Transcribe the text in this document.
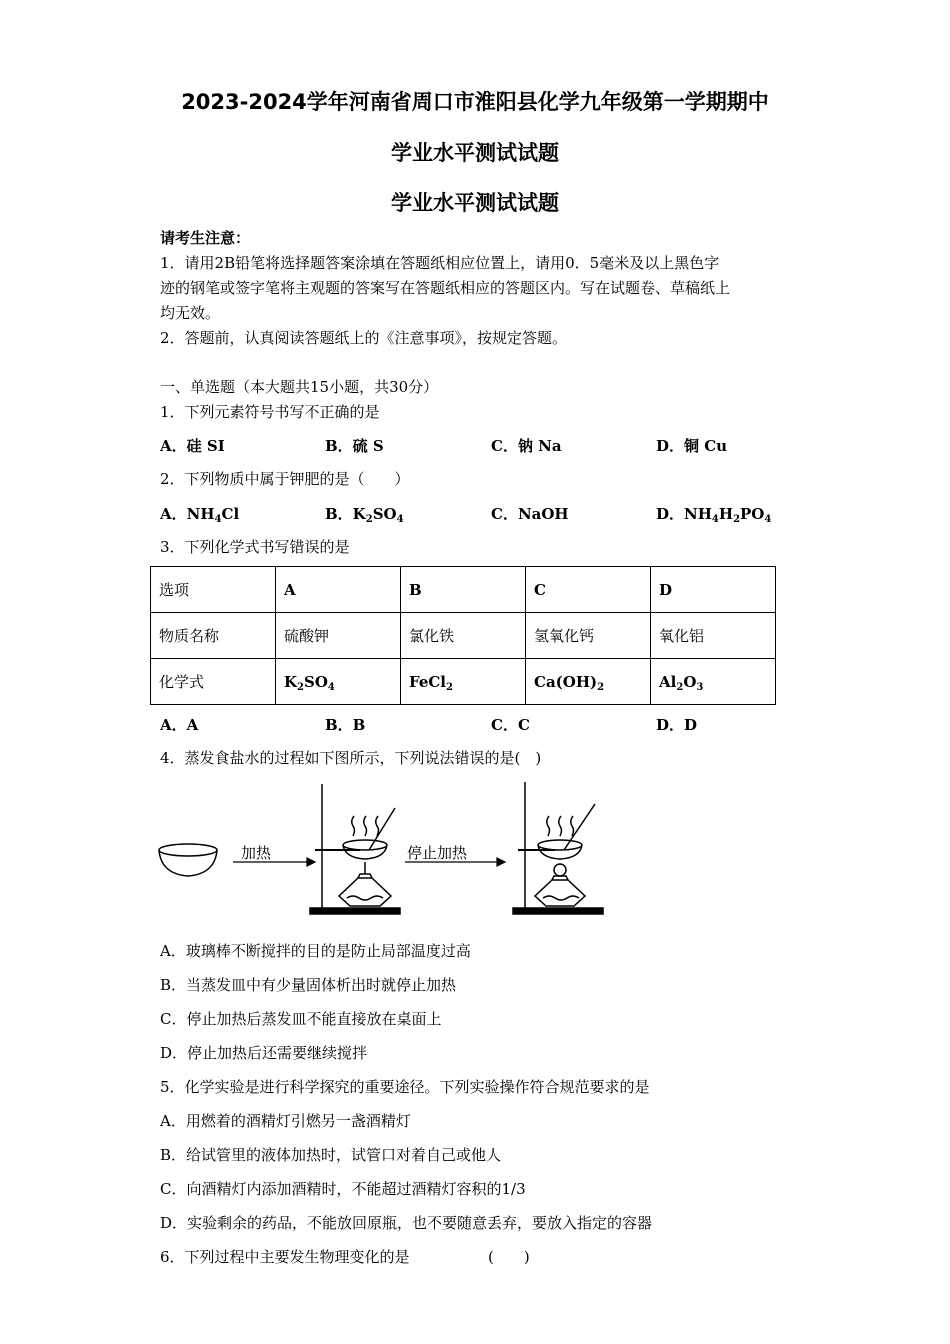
2023-2024学年河南省周口市淮阳县化学九年级第一学期期中
学业水平测试试题
学业水平测试试题
请考生注意：
1．请用2B铅笔将选择题答案涂填在答题纸相应位置上，请用0．5毫米及以上黑色字
迹的钢笔或签字笔将主观题的答案写在答题纸相应的答题区内。写在试题卷、草稿纸上
均无效。
2．答题前，认真阅读答题纸上的《注意事项》，按规定答题。
一、单选题（本大题共15小题，共30分）
1．下列元素符号书写不正确的是
A．硅 SI	B．硫 S	C．钠 Na	D．铜 Cu
2．下列物质中属于钾肥的是（　　）
A．$NH_4Cl$	B．$K_2SO_4$	C．NaOH	D．$NH_4H_2PO_4$
3．下列化学式书写错误的是
选项	A	B	C	D
物质名称	硫酸钾	氯化铁	氢氧化钙	氧化铝
化学式	$K_2SO_4$	FeCl$_2$	$Ca(OH)_2$	$Al_2O_3$
A．A	B．B	C．C	D．D
4．蒸发食盐水的过程如下图所示，下列说法错误的是(　)
加热	停止加热
A．玻璃棒不断搅拌的目的是防止局部温度过高
B．当蒸发皿中有少量固体析出时就停止加热
C．停止加热后蒸发皿不能直接放在桌面上
D．停止加热后还需要继续搅拌
5．化学实验是进行科学探究的重要途径。下列实验操作符合规范要求的是
A．用燃着的酒精灯引燃另一盏酒精灯
B．给试管里的液体加热时，试管口对着自己或他人
C．向酒精灯内添加酒精时，不能超过酒精灯容积的1/3
D．实验剩余的药品，不能放回原瓶，也不要随意丢弃，要放入指定的容器
6．下列过程中主要发生物理变化的是	(　　)
